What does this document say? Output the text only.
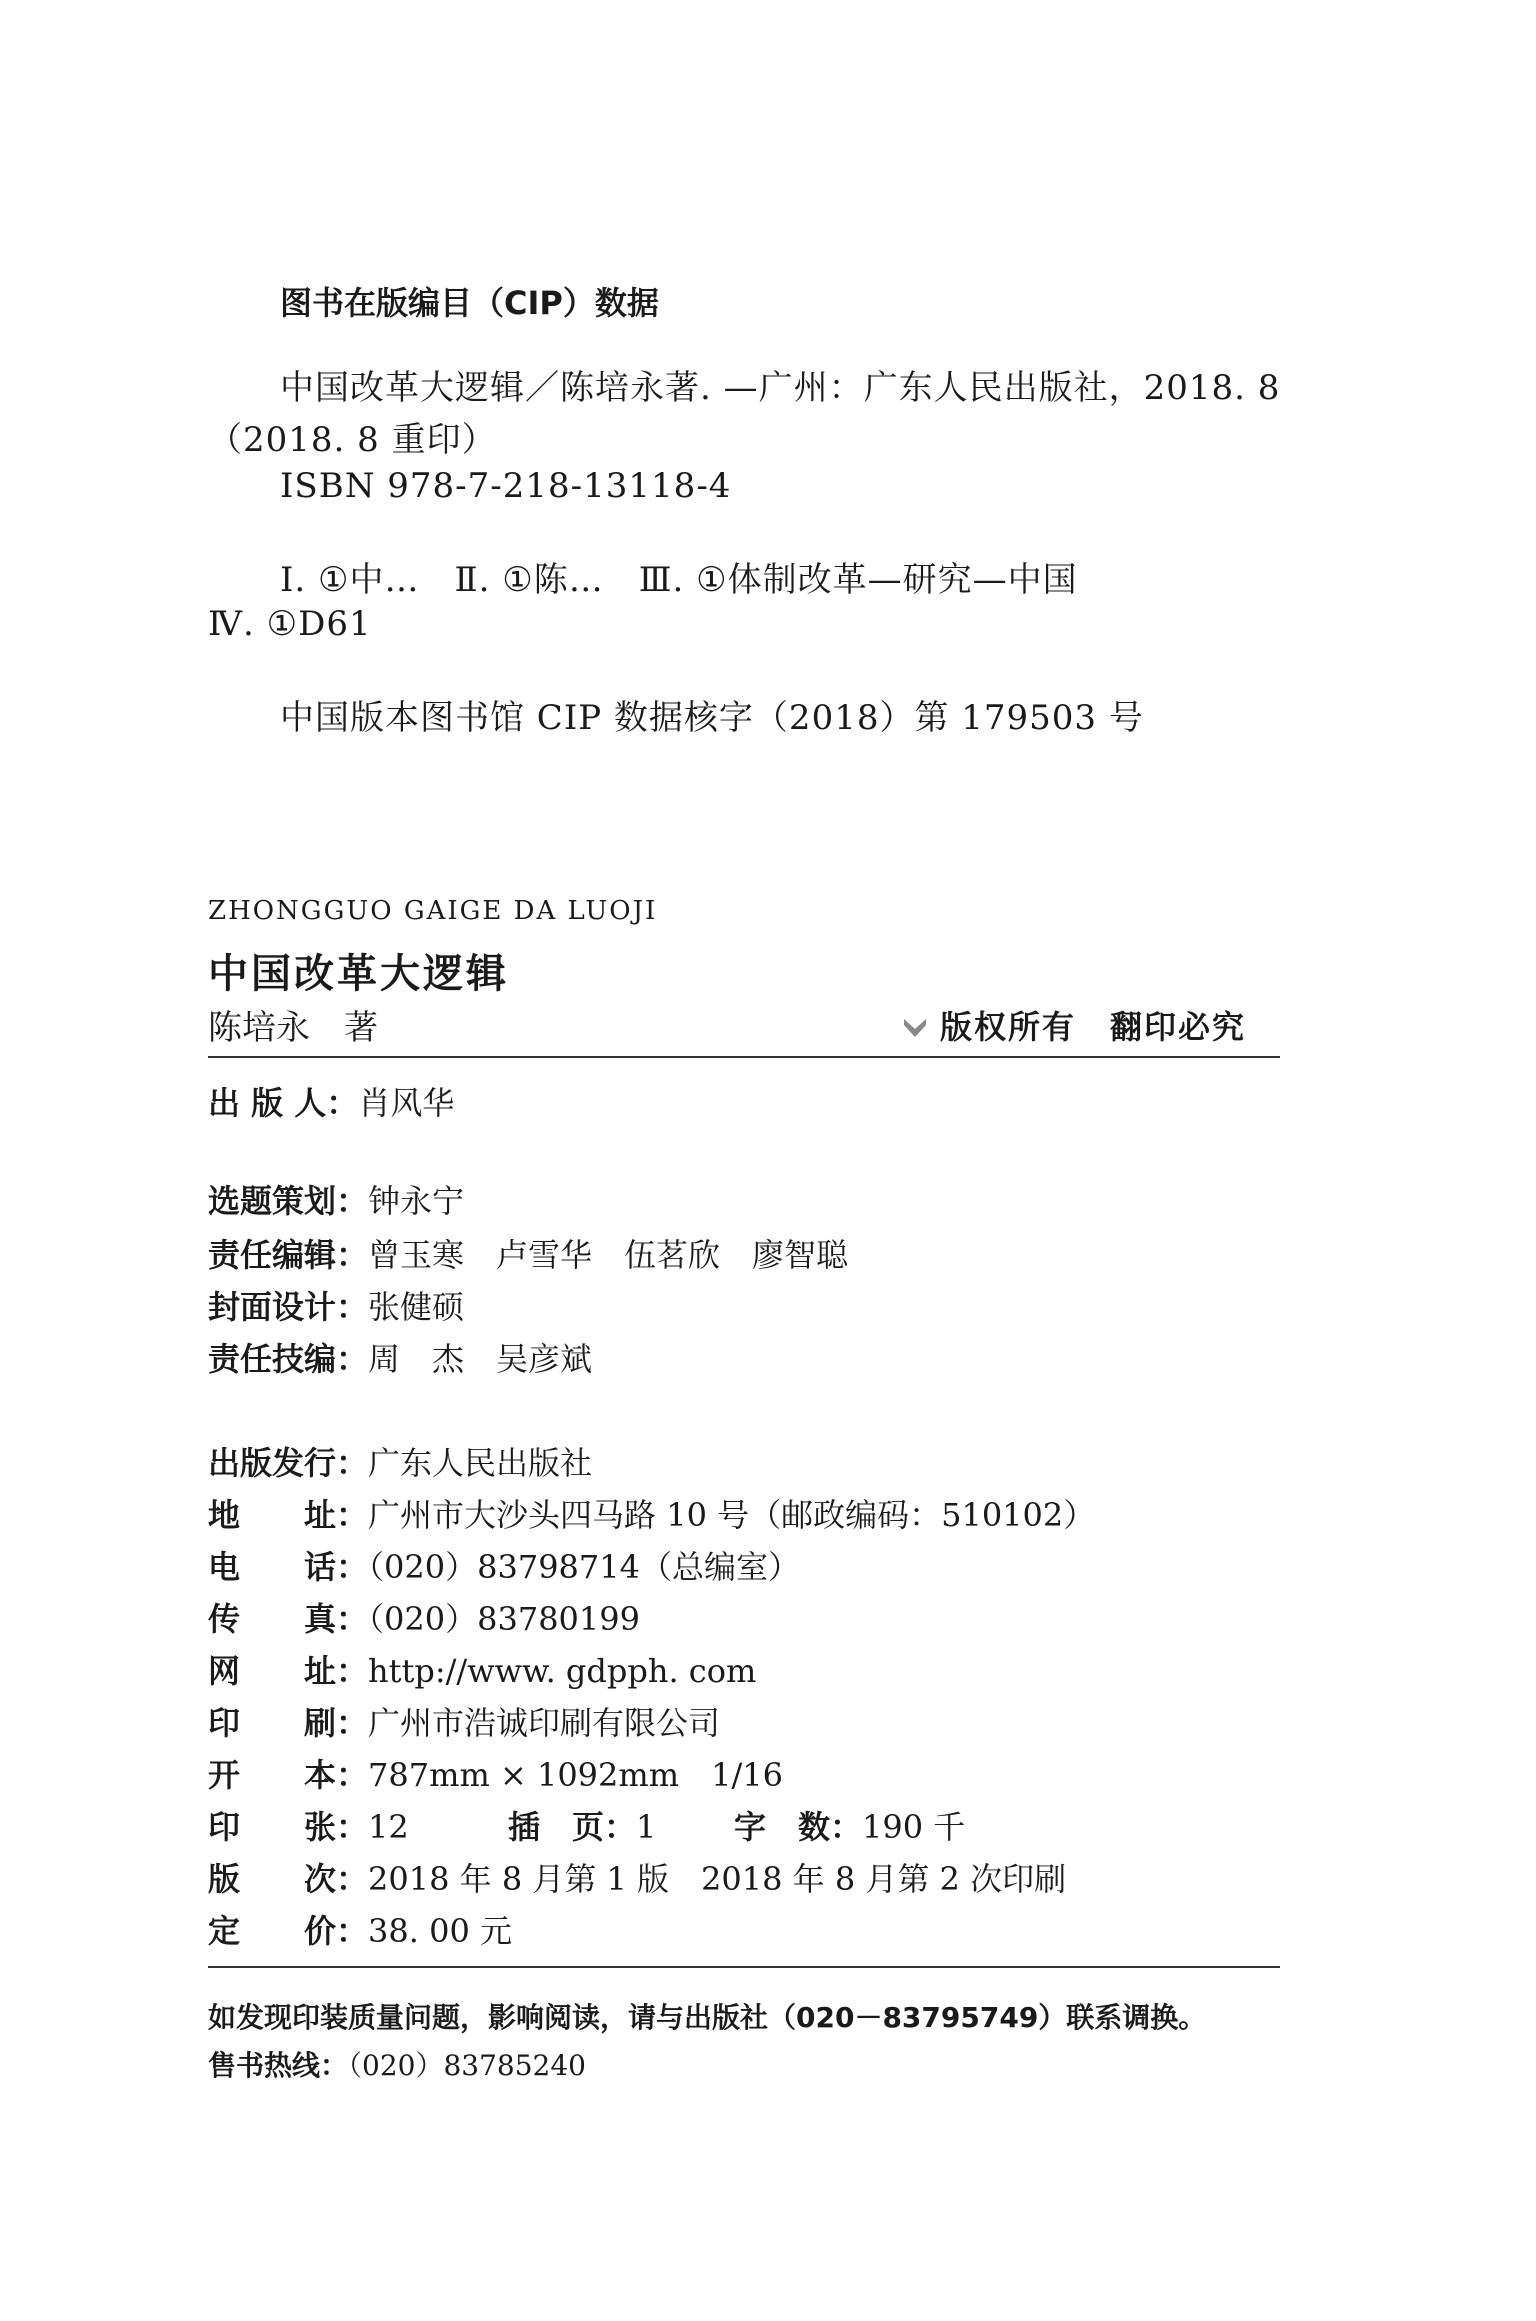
图书在版编目（CIP）数据
中国改革大逻辑／陈培永著. —广州：广东人民出版社，2018. 8
（2018. 8 重印）
ISBN 978-7-218-13118-4
Ⅰ. ①中…　Ⅱ. ①陈…　Ⅲ. ①体制改革—研究—中国
Ⅳ. ①D61
中国版本图书馆 CIP 数据核字（2018）第 179503 号
ZHONGGUO GAIGE DA LUOJI
中国改革大逻辑
陈培永　著	版权所有　翻印必究
出 版 人：肖风华
选题策划：钟永宁
责任编辑：曾玉寒　卢雪华　伍茗欣　廖智聪
封面设计：张健硕
责任技编：周　杰　吴彦斌
出版发行：广东人民出版社
地　　址：广州市大沙头四马路 10 号（邮政编码：510102）
电　　话：（020）83798714（总编室）
传　　真：（020）83780199
网　　址：http://www. gdpph. com
印　　刷：广州市浩诚印刷有限公司
开　　本：787mm × 1092mm　1/16
印　　张：12	插　页：1 字　数：190 千
版　　次：2018 年 8 月第 1 版　2018 年 8 月第 2 次印刷
定　　价：38. 00 元
如发现印装质量问题，影响阅读，请与出版社（020－83795749）联系调换。
售书热线：（020）83785240
